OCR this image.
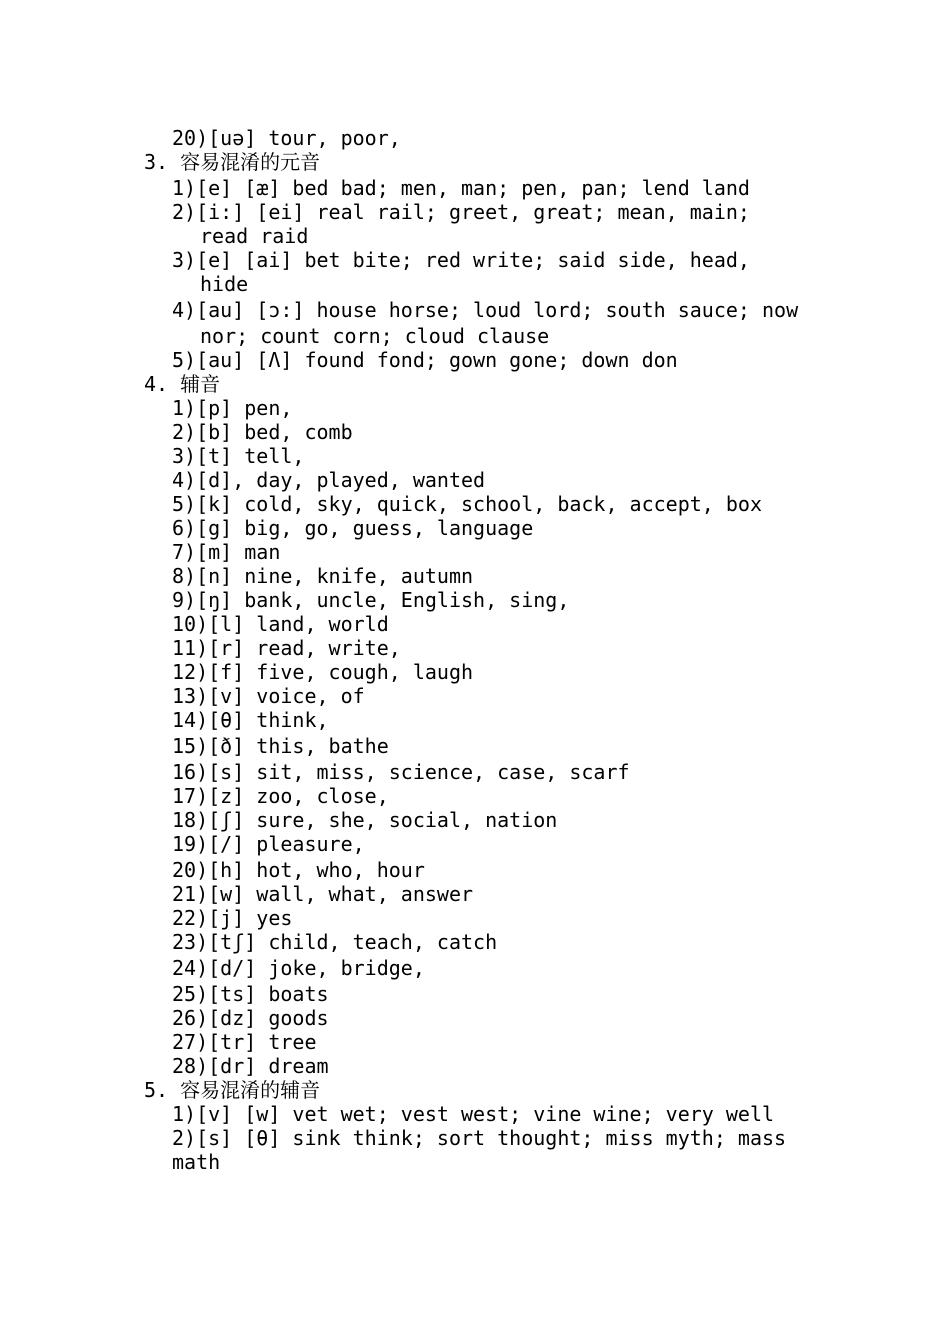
20)[uə] tour, poor,
3. 容易混淆的元音
1)[e] [æ] bed bad; men, man; pen, pan; lend land
2)[i:] [ei] real rail; greet, great; mean, main;
read raid
3)[e] [ai] bet bite; red write; said side, head,
hide
4)[au] [ɔ:] house horse; loud lord; south sauce; now
nor; count corn; cloud clause
5)[au] [Λ] found fond; gown gone; down don
4. 辅音
1)[p] pen,
2)[b] bed, comb
3)[t] tell,
4)[d], day, played, wanted
5)[k] cold, sky, quick, school, back, accept, box
6)[g] big, go, guess, language
7)[m] man
8)[n] nine, knife, autumn
9)[ŋ] bank, uncle, English, sing,
10)[l] land, world
11)[r] read, write,
12)[f] five, cough, laugh
13)[v] voice, of
14)[θ] think,
15)[ð] this, bathe
16)[s] sit, miss, science, case, scarf
17)[z] zoo, close,
18)[ʃ] sure, she, social, nation
19)[/] pleasure,
20)[h] hot, who, hour
21)[w] wall, what, answer
22)[j] yes
23)[tʃ] child, teach, catch
24)[d/] joke, bridge,
25)[ts] boats
26)[dz] goods
27)[tr] tree
28)[dr] dream
5. 容易混淆的辅音
1)[v] [w] vet wet; vest west; vine wine; very well
2)[s] [θ] sink think; sort thought; miss myth; mass
math
